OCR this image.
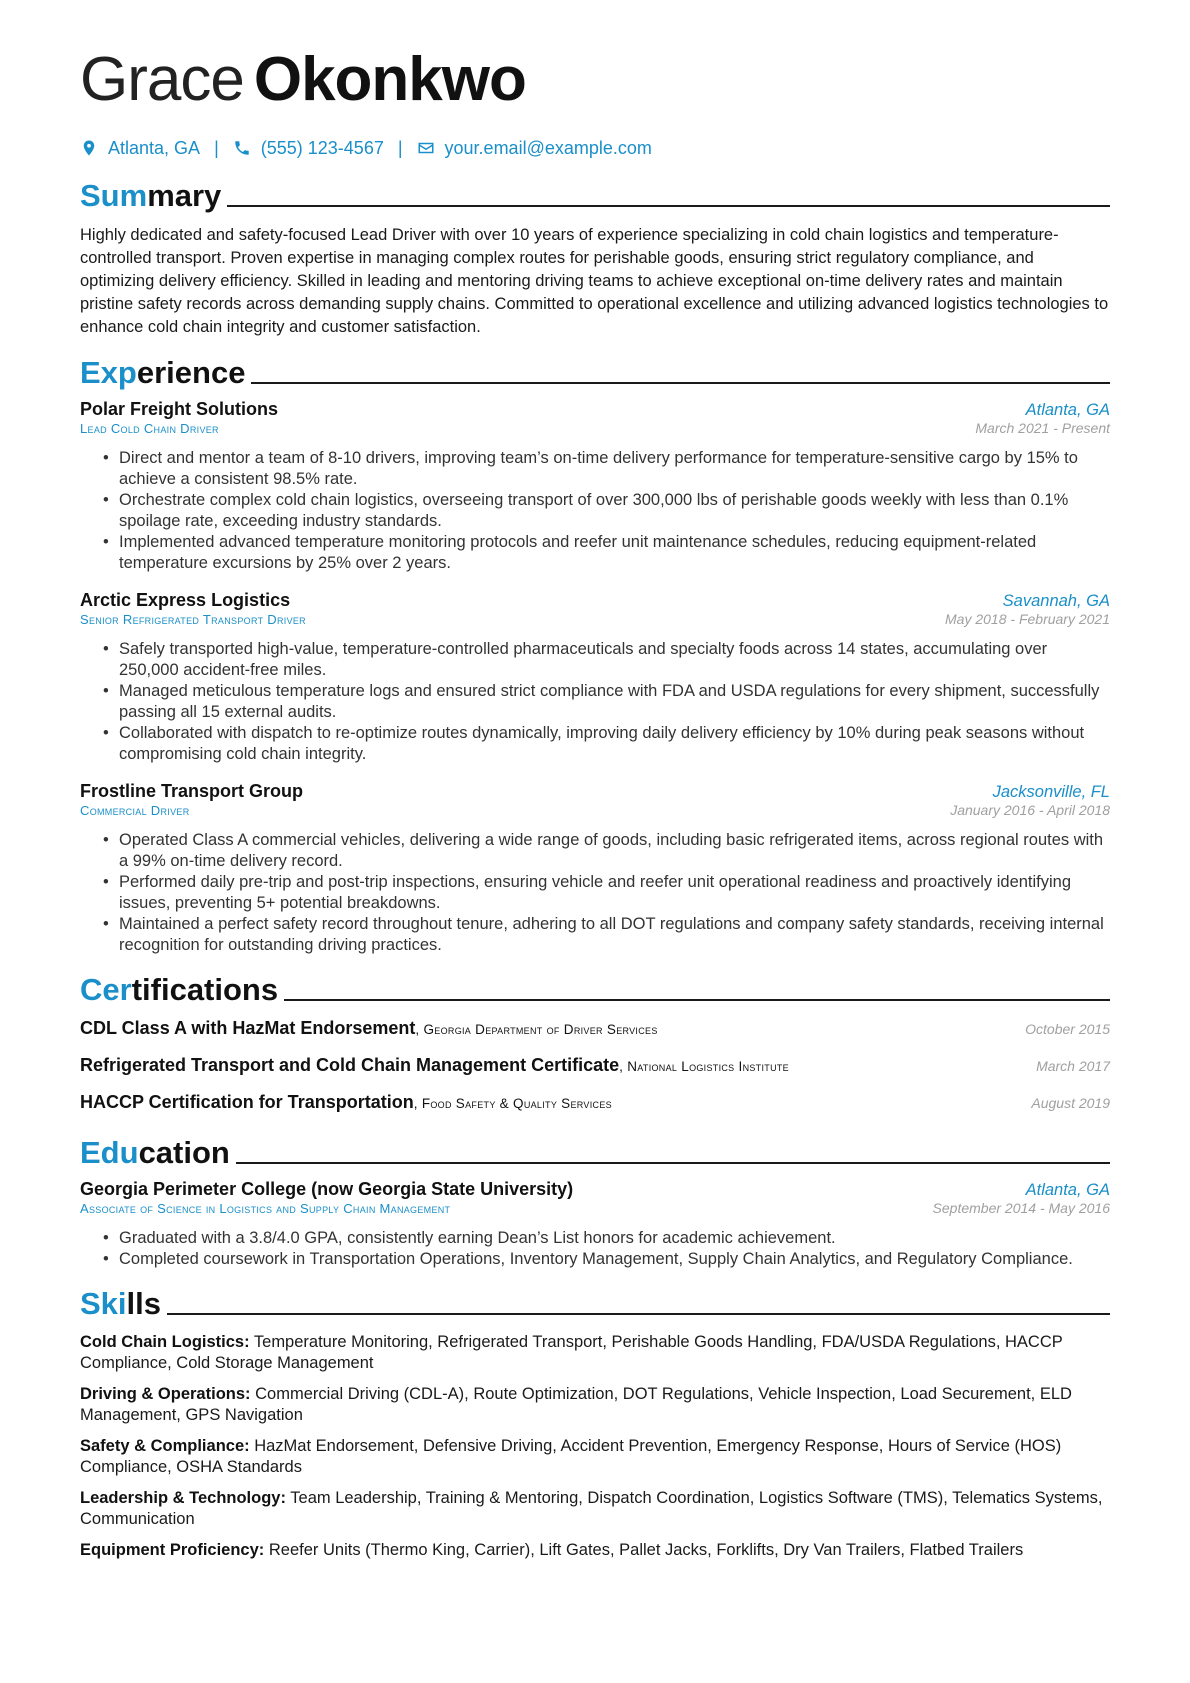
Grace Okonkwo
Atlanta, GA | (555) 123-4567 | your.email@example.com
Summary

Highly dedicated and safety-focused Lead Driver with over 10 years of experience specializing in cold chain logistics and temperature-controlled transport. Proven expertise in managing complex routes for perishable goods, ensuring strict regulatory compliance, and optimizing delivery efficiency. Skilled in leading and mentoring driving teams to achieve exceptional on-time delivery rates and maintain pristine safety records across demanding supply chains. Committed to operational excellence and utilizing advanced logistics technologies to enhance cold chain integrity and customer satisfaction.

Experience
Polar Freight Solutions	Atlanta, GA
Lead Cold Chain Driver	March 2021 - Present
• Direct and mentor a team of 8-10 drivers, improving team’s on-time delivery performance for temperature-sensitive cargo by 15% to achieve a consistent 98.5% rate.
• Orchestrate complex cold chain logistics, overseeing transport of over 300,000 lbs of perishable goods weekly with less than 0.1% spoilage rate, exceeding industry standards.
• Implemented advanced temperature monitoring protocols and reefer unit maintenance schedules, reducing equipment-related temperature excursions by 25% over 2 years.
Arctic Express Logistics	Savannah, GA
Senior Refrigerated Transport Driver	May 2018 - February 2021
• Safely transported high-value, temperature-controlled pharmaceuticals and specialty foods across 14 states, accumulating over 250,000 accident-free miles.
• Managed meticulous temperature logs and ensured strict compliance with FDA and USDA regulations for every shipment, successfully passing all 15 external audits.
• Collaborated with dispatch to re-optimize routes dynamically, improving daily delivery efficiency by 10% during peak seasons without compromising cold chain integrity.
Frostline Transport Group	Jacksonville, FL
Commercial Driver	January 2016 - April 2018
• Operated Class A commercial vehicles, delivering a wide range of goods, including basic refrigerated items, across regional routes with a 99% on-time delivery record.
• Performed daily pre-trip and post-trip inspections, ensuring vehicle and reefer unit operational readiness and proactively identifying issues, preventing 5+ potential breakdowns.
• Maintained a perfect safety record throughout tenure, adhering to all DOT regulations and company safety standards, receiving internal recognition for outstanding driving practices.
Certifications
CDL Class A with HazMat Endorsement, Georgia Department of Driver Services	October 2015
Refrigerated Transport and Cold Chain Management Certificate, National Logistics Institute	March 2017
HACCP Certification for Transportation, Food Safety & Quality Services	August 2019
Education
Georgia Perimeter College (now Georgia State University)	Atlanta, GA
Associate of Science in Logistics and Supply Chain Management	September 2014 - May 2016
• Graduated with a 3.8/4.0 GPA, consistently earning Dean’s List honors for academic achievement.
• Completed coursework in Transportation Operations, Inventory Management, Supply Chain Analytics, and Regulatory Compliance.
Skills
Cold Chain Logistics: Temperature Monitoring, Refrigerated Transport, Perishable Goods Handling, FDA/USDA Regulations, HACCP Compliance, Cold Storage Management
Driving & Operations: Commercial Driving (CDL-A), Route Optimization, DOT Regulations, Vehicle Inspection, Load Securement, ELD Management, GPS Navigation
Safety & Compliance: HazMat Endorsement, Defensive Driving, Accident Prevention, Emergency Response, Hours of Service (HOS) Compliance, OSHA Standards
Leadership & Technology: Team Leadership, Training & Mentoring, Dispatch Coordination, Logistics Software (TMS), Telematics Systems, Communication
Equipment Proficiency: Reefer Units (Thermo King, Carrier), Lift Gates, Pallet Jacks, Forklifts, Dry Van Trailers, Flatbed Trailers
